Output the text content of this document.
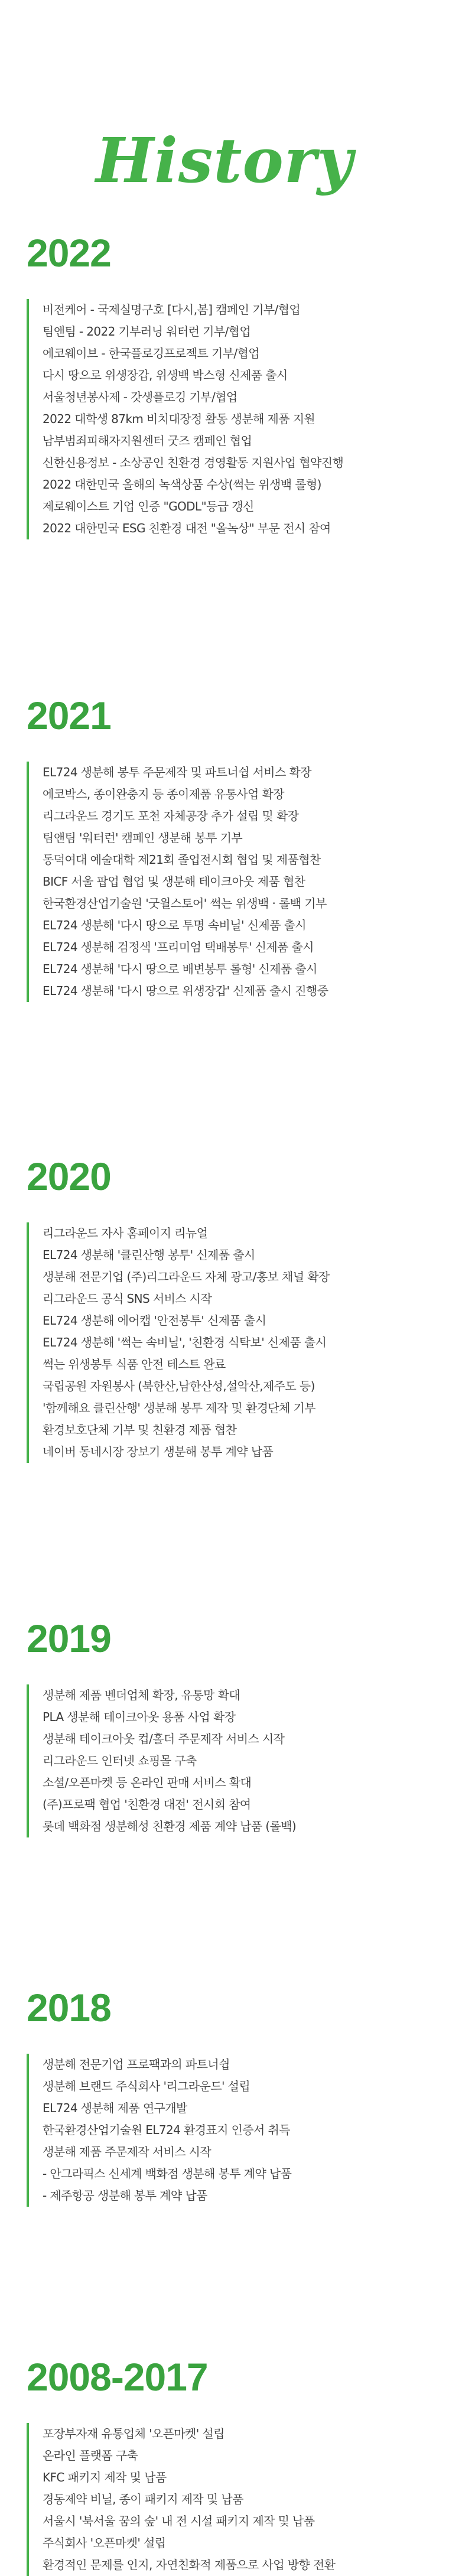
History
2022
비전케어 - 국제실명구호 [다시,봄] 캠페인 기부/협업
팀앤팀 - 2022 기부러닝 워터런 기부/협업
에코웨이브 - 한국플로깅프로젝트 기부/협업
다시 땅으로 위생장갑, 위생백 박스형 신제품 출시
서울청년봉사제 - 갓생플로깅 기부/협업
2022 대학생 87km 비치대장정 활동 생분해 제품 지원
남부범죄피해자지원센터 굿즈 캠페인 협업
신한신용정보 - 소상공인 친환경 경영활동 지원사업 협약진행
2022 대한민국 올해의 녹색상품 수상(썩는 위생백 롤형)
제로웨이스트 기업 인증 "GODL"등급 갱신
2022 대한민국 ESG 친환경 대전 "올녹상" 부문 전시 참여
2021
EL724 생분해 봉투 주문제작 및 파트너쉽 서비스 확장
에코박스, 종이완충지 등 종이제품 유통사업 확장
리그라운드 경기도 포천 자체공장 추가 설립 및 확장
팀앤팀 '워터런' 캠페인 생분해 봉투 기부
동덕여대 예술대학 제21회 졸업전시회 협업 및 제품협찬
BICF 서울 팝업 협업 및 생분해 테이크아웃 제품 협찬
한국환경산업기술원 '굿윌스토어' 썩는 위생백 · 롤백 기부
EL724 생분해 '다시 땅으로 투명 속비닐' 신제품 출시
EL724 생분해 검정색 '프리미엄 택배봉투' 신제품 출시
EL724 생분해 '다시 땅으로 배변봉투 롤형' 신제품 출시
EL724 생분해 '다시 땅으로 위생장갑' 신제품 출시 진행중
2020
리그라운드 자사 홈페이지 리뉴얼
EL724 생분해 '클린산행 봉투' 신제품 출시
생분해 전문기업 (주)리그라운드 자체 광고/홍보 채널 확장
리그라운드 공식 SNS 서비스 시작
EL724 생분해 에어캡 '안전봉투' 신제품 출시
EL724 생분해 '썩는 속비닐', '친환경 식탁보' 신제품 출시
썩는 위생봉투 식품 안전 테스트 완료
국립공원 자원봉사 (북한산,남한산성,설악산,제주도 등)
'함께해요 클린산행' 생분해 봉투 제작 및 환경단체 기부
환경보호단체 기부 및 친환경 제품 협찬
네이버 동네시장 장보기 생분해 봉투 계약 납품
2019
생분해 제품 벤더업체 확장, 유통망 확대
PLA 생분해 테이크아웃 용품 사업 확장
생분해 테이크아웃 컵/홀더 주문제작 서비스 시작
리그라운드 인터넷 쇼핑몰 구축
소셜/오픈마켓 등 온라인 판매 서비스 확대
(주)프로팩 협업 '친환경 대전' 전시회 참여
롯데 백화점 생분해성 친환경 제품 계약 납품 (롤백)
2018
생분해 전문기업 프로팩과의 파트너쉽
생분해 브랜드 주식회사 '리그라운드' 설립
EL724 생분해 제품 연구개발
한국환경산업기술원 EL724 환경표지 인증서 취득
생분해 제품 주문제작 서비스 시작
- 안그라픽스 신세계 백화점 생분해 봉투 계약 납품
- 제주항공 생분해 봉투 계약 납품
2008-2017
포장부자재 유통업체 '오픈마켓' 설립
온라인 플랫폼 구축
KFC 패키지 제작 및 납품
경동제약 비닐, 종이 패키지 제작 및 납품
서울시 '북서울 꿈의 숲' 내 전 시설 패키지 제작 및 납품
주식회사 '오픈마켓' 설립
환경적인 문제를 인지, 자연친화적 제품으로 사업 방향 전환
